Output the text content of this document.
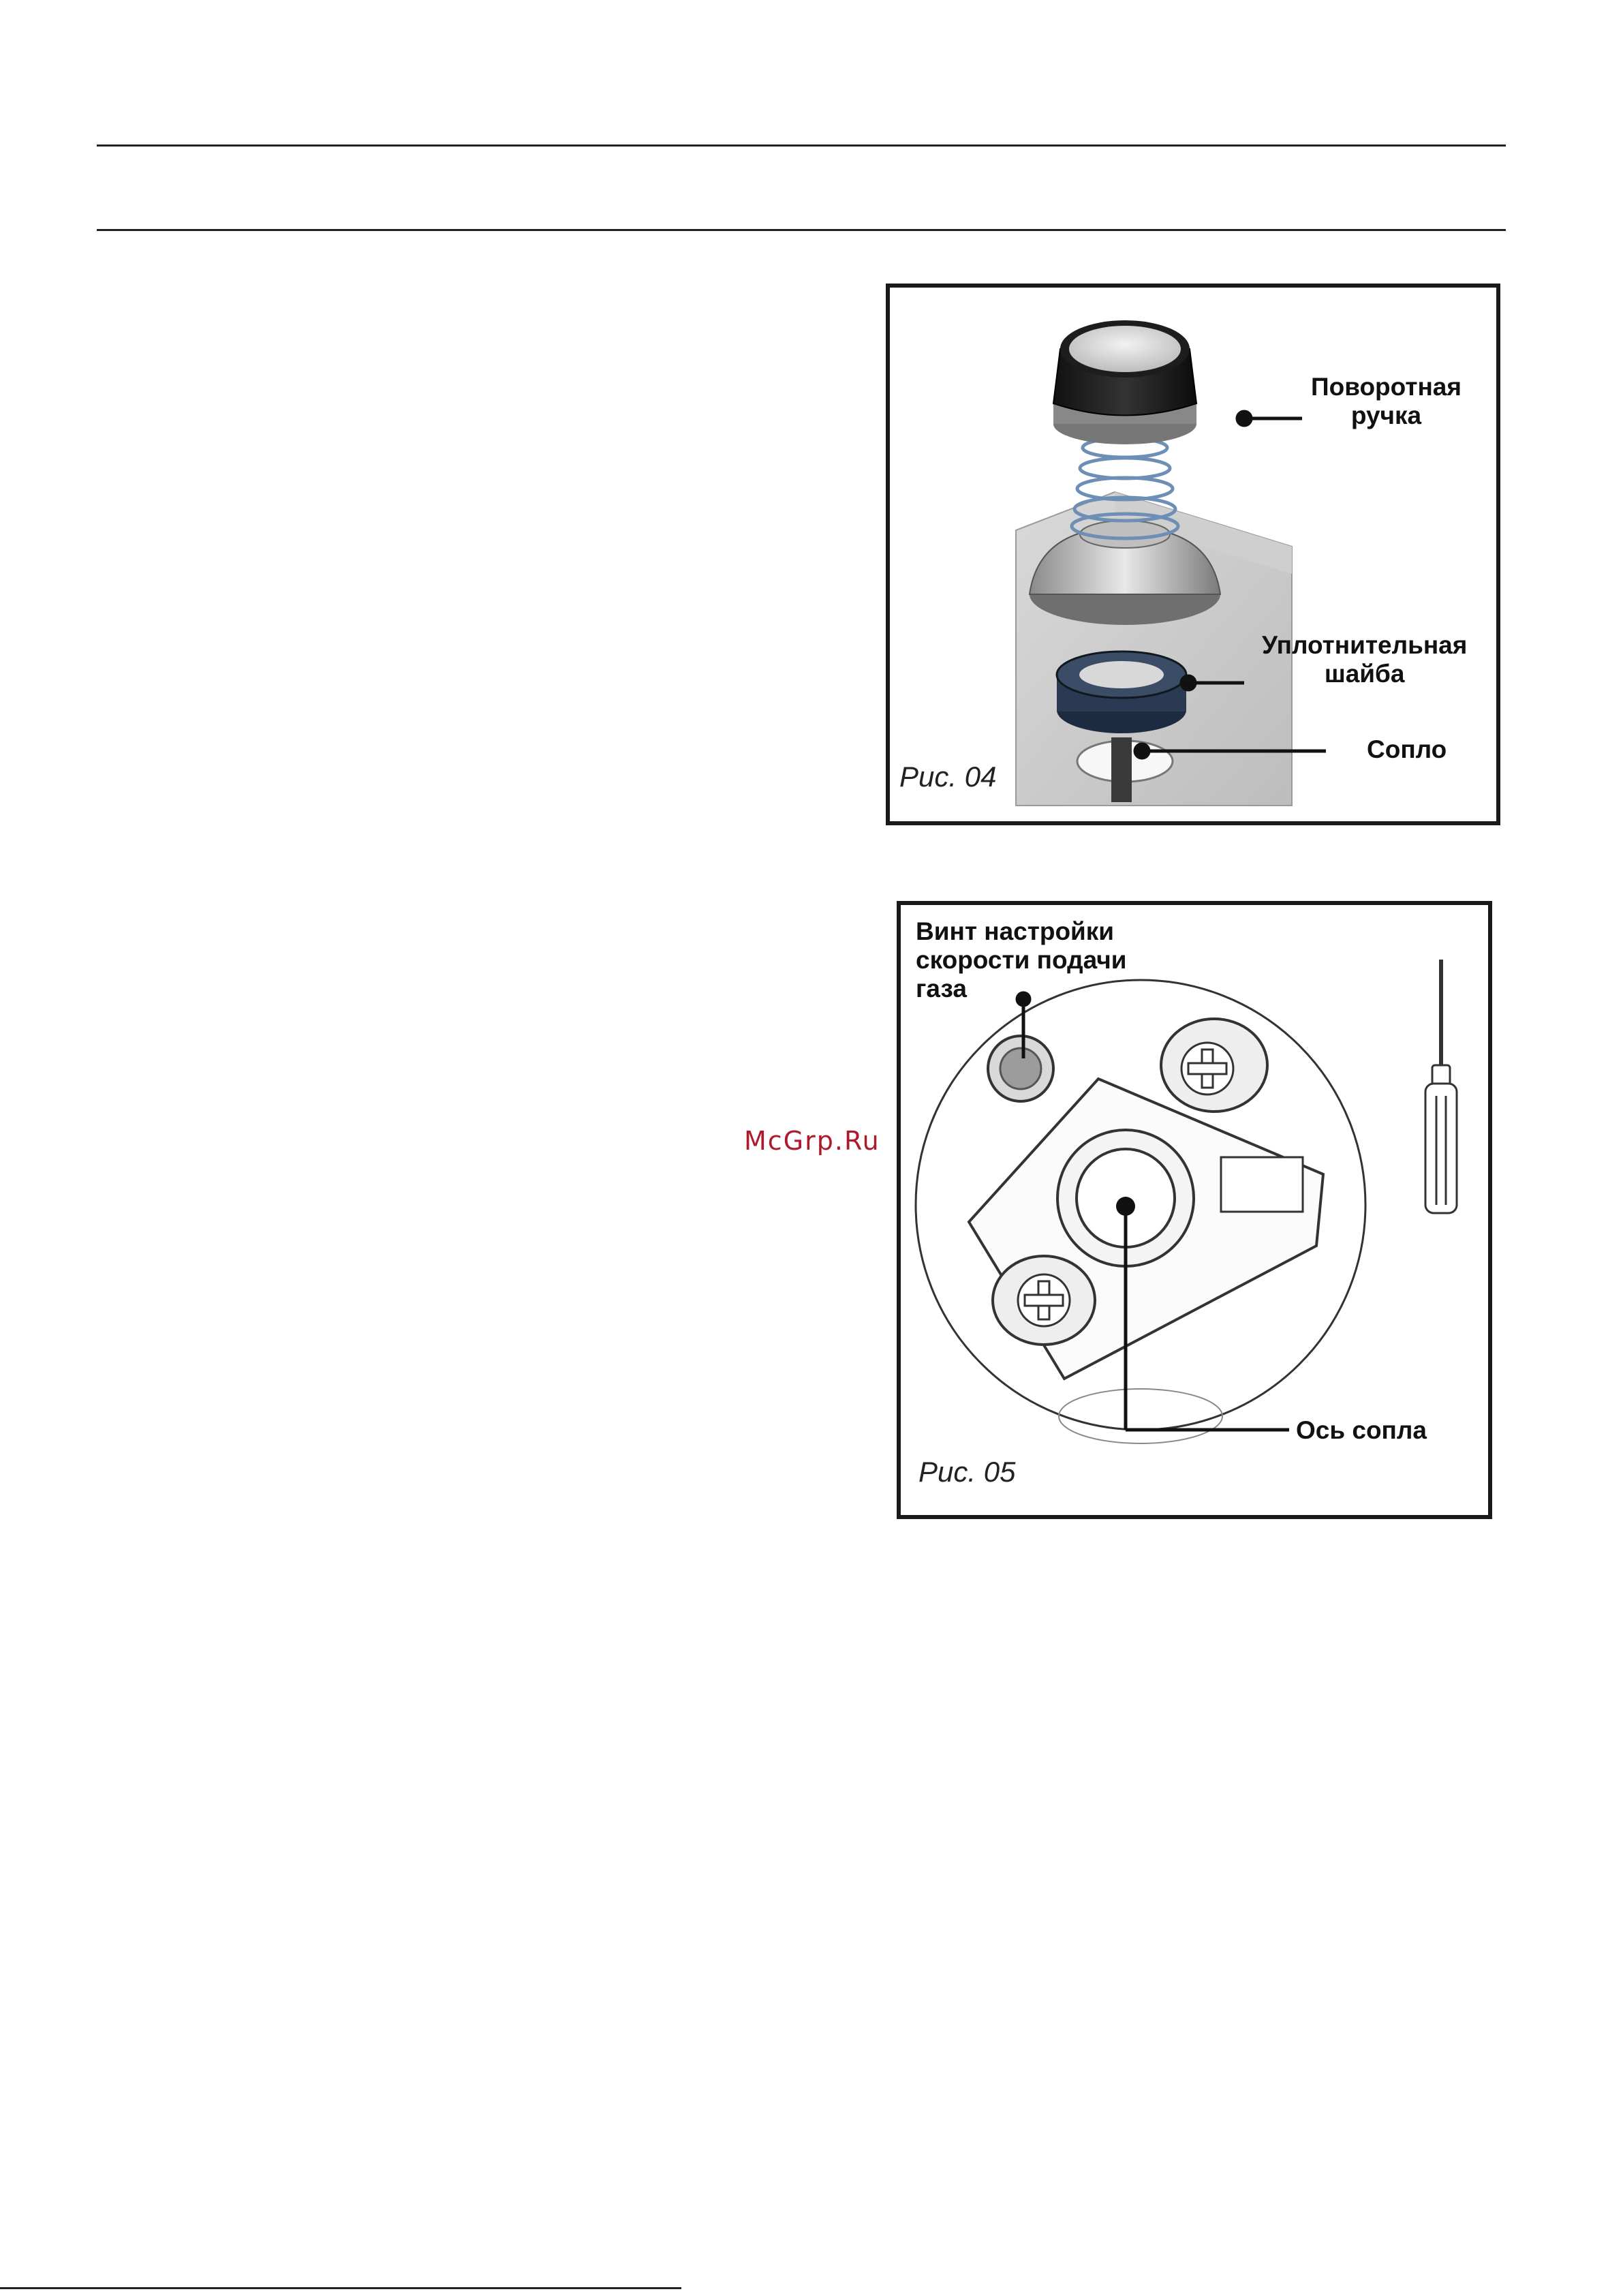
Поворотная
ручка
Уплотнительная
шайба
Сопло
Рис. 04
Винт настройки
скорости подачи
газа
Ось сопла
Рис. 05
McGrp.Ru
